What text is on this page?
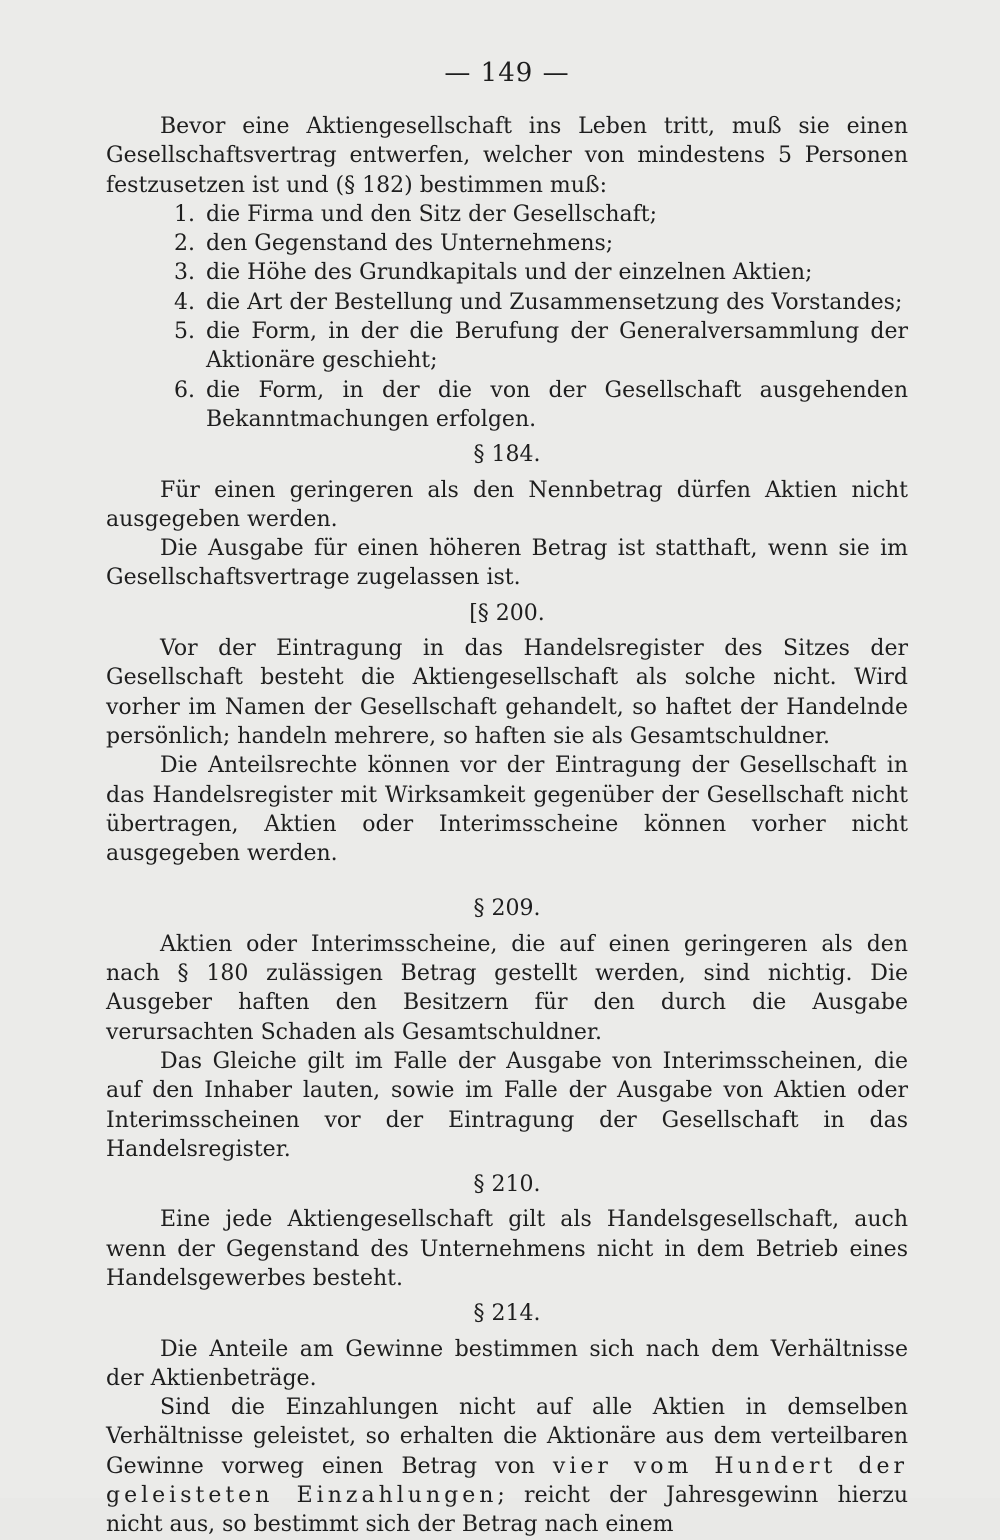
— 149 —

Bevor eine Aktiengesellschaft ins Leben tritt, muß sie einen Gesellschaftsvertrag entwerfen, welcher von mindestens 5 Personen festzusetzen ist und (§ 182) bestimmen muß:

1. die Firma und den Sitz der Gesellschaft;
2. den Gegenstand des Unternehmens;
3. die Höhe des Grundkapitals und der einzelnen Aktien;
4. die Art der Bestellung und Zusammensetzung des Vorstandes;
5. die Form, in der die Berufung der Generalversammlung der Aktionäre geschieht;
6. die Form, in der die von der Gesellschaft ausgehenden Bekanntmachungen erfolgen.
§ 184.

Für einen geringeren als den Nennbetrag dürfen Aktien nicht ausgegeben werden.

Die Ausgabe für einen höheren Betrag ist statthaft, wenn sie im Gesellschaftsvertrage zugelassen ist.

[§ 200.

Vor der Eintragung in das Handelsregister des Sitzes der Gesellschaft besteht die Aktiengesellschaft als solche nicht. Wird vorher im Namen der Gesellschaft gehandelt, so haftet der Handelnde persönlich; handeln mehrere, so haften sie als Gesamtschuldner.

Die Anteilsrechte können vor der Eintragung der Gesellschaft in das Handelsregister mit Wirksamkeit gegenüber der Gesellschaft nicht übertragen, Aktien oder Interimsscheine können vorher nicht ausgegeben werden.

§ 209.

Aktien oder Interimsscheine, die auf einen geringeren als den nach § 180 zulässigen Betrag gestellt werden, sind nichtig. Die Ausgeber haften den Besitzern für den durch die Ausgabe verursachten Schaden als Gesamtschuldner.

Das Gleiche gilt im Falle der Ausgabe von Interimsscheinen, die auf den Inhaber lauten, sowie im Falle der Ausgabe von Aktien oder Interimsscheinen vor der Eintragung der Gesellschaft in das Handelsregister.

§ 210.

Eine jede Aktiengesellschaft gilt als Handelsgesellschaft, auch wenn der Gegenstand des Unternehmens nicht in dem Betrieb eines Handelsgewerbes besteht.

§ 214.

Die Anteile am Gewinne bestimmen sich nach dem Verhältnisse der Aktienbeträge.

Sind die Einzahlungen nicht auf alle Aktien in demselben Verhältnisse geleistet, so erhalten die Aktionäre aus dem verteilbaren Gewinne vorweg einen Betrag von vier vom Hundert der geleisteten Einzahlungen; reicht der Jahresgewinn hierzu nicht aus, so bestimmt sich der Betrag nach einem
